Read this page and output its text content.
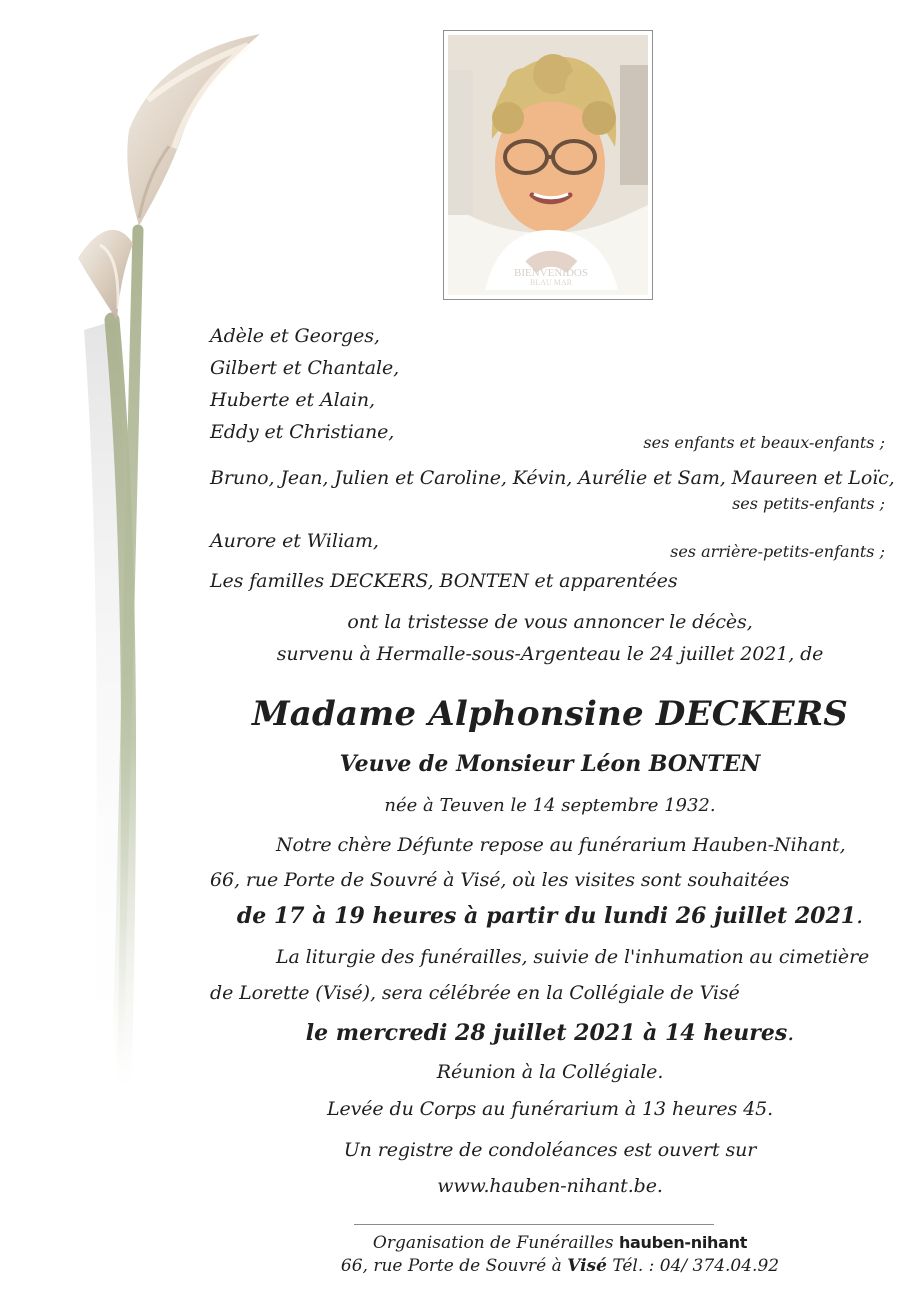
BIENVENIDOS
BLAU MAR
Adèle et Georges,
Gilbert et Chantale,
Huberte et Alain,
Eddy et Christiane,	ses enfants et beaux-enfants ;
Bruno, Jean, Julien et Caroline, Kévin, Aurélie et Sam, Maureen et Loïc,
ses petits-enfants ;
Aurore et Wiliam,	ses arrière-petits-enfants ;
Les familles DECKERS, BONTEN et apparentées
ont la tristesse de vous annoncer le décès,
survenu à Hermalle-sous-Argenteau le 24 juillet 2021, de
Madame Alphonsine DECKERS
Veuve de Monsieur Léon BONTEN
née à Teuven le 14 septembre 1932.
Notre chère Défunte repose au funérarium Hauben-Nihant,
66, rue Porte de Souvré à Visé, où les visites sont souhaitées
de 17 à 19 heures à partir du lundi 26 juillet 2021.
La liturgie des funérailles, suivie de l'inhumation au cimetière
de Lorette (Visé), sera célébrée en la Collégiale de Visé
le mercredi 28 juillet 2021 à 14 heures.
Réunion à la Collégiale.
Levée du Corps au funérarium à 13 heures 45.
Un registre de condoléances est ouvert sur
www.hauben-nihant.be.
Organisation de Funérailles hauben-nihant
66, rue Porte de Souvré à Visé Tél. : 04/ 374.04.92
